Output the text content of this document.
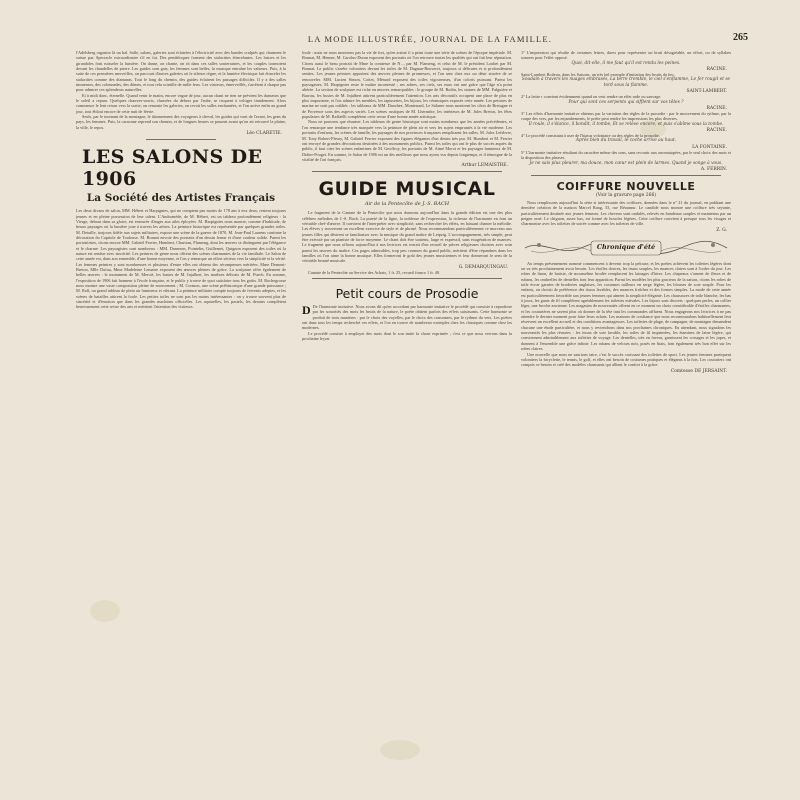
LA MODE ILLUSTRÉE, JOURNAL DE LA FAMILLE.	265

l'Adelsberg organise là un bal. Salle, salons, galeries sont éclairées à l'électricité avec des bandes sculptés qui charment le suisse par. Spectacle extraordinaire s'il en fut. Des pendeloques forment des stalactites étincelantes. Les lustres et les girandoles font ruisseler la lumière. On danse, on chante, on rit dans ces salles souterraines, et les couples tournoient devant les chandelles de pierre. Les guides sont gais, les femmes sont belles, la musique entraîne les valseurs. Puis, à la suite de ces premières merveilles, on parcourt d'autres galeries où le silence règne, et la lumière électrique fait étinceler les stalactites comme des diamants. Tout le long du chemin, des guides éclairent les passages difficiles. Il y a des salles immenses, des colonnades, des dômes, et tout cela scintille de mille feux. Les visiteurs, émerveillés, s'arrêtent à chaque pas pour admirer ces splendeurs naturelles.

Et à midi donc, éternelle. Quand venir le matin, encore vague de jour, aucun chant ne rien ne prévient les danseurs que le soleil a reparu. Quelques chauves-souris, chassées du dehors par l'aube, se risquent à voltiger timidement. Alors commence le lent retour vers la sortie; on remonte les galeries, on revoit les salles enchantées, et l'on arrive enfin au grand jour, tout ébloui encore de cette nuit de féerie.

Seuls, par le tournant de la montagne, le tâtonnement des voyageurs à cheval, les guides qui vont de l'avant, les gens du pays, les femmes. Puis, la caravane reprend son chemin, et de longues heures se passent avant qu'on ait retrouvé la plaine, la ville, le repos.

Léo CLARETIE.
LES SALONS DE 1906
La Société des Artistes Français

Les deux divans de salon, MM. Hébert et Harpignies, qui ne comptent pas moins de 178 ans à eux deux, restent toujours jeunes et en pleine possession de leur talent. L'Andromède, de M. Hébert, est un tableau profondément religieux : la Vierge, debout dans sa gloire, est entourée d'anges aux ailes éployées. M. Harpignies nous montre, comme d'habitude, de beaux paysages où la lumière joue à travers les arbres. La peinture historique est représentée par quelques grandes toiles. M. Detaille, toujours fidèle aux sujets militaires, expose une scène de la guerre de 1870. M. Jean-Paul Laurens continue la décoration du Capitole de Toulouse. M. Bonnat envoie des portraits d'un dessin ferme et d'une couleur solide. Parmi les portraitistes, citons encore MM. Gabriel Ferrier, Humbert, Chartran, Flameng, dont les œuvres se distinguent par l'élégance et le charme. Les paysagistes sont nombreux : MM. Dameron, Pointelin, Guillemet, Quignon exposent des toiles où la nature est rendue avec sincérité. Les peintres de genre nous offrent des scènes charmantes de la vie familiale. Le Salon de cette année est, dans son ensemble, d'une bonne moyenne, et l'on y remarque un effort sérieux vers la simplicité et la vérité. Les femmes peintres y sont nombreuses et plusieurs d'entre elles ont obtenu des récompenses méritées. Mme Demont-Breton, Mlle Dufau, Mme Madeleine Lemaire exposent des œuvres pleines de grâce. La sculpture offre également de belles œuvres : le monument de M. Mercié, les bustes de M. Injalbert, les marbres délicats de M. Puech. En somme, l'exposition de 1906 fait honneur à l'école française, et le public y trouve de quoi satisfaire tous les goûts. M. Rochegrosse nous montre une vaste composition pleine de mouvement ; M. Cormon, une scène préhistorique d'une grande puissance ; M. Roll, un grand tableau de plein air lumineux et vibrant. La peinture militaire compte toujours de fervents adeptes, et les scènes de batailles attirent la foule. Les petites toiles ne sont pas les moins intéressantes : on y trouve souvent plus de sincérité et d'émotion que dans les grandes machines officielles. Les aquarelles, les pastels, les dessins complètent heureusement cette revue des arts et méritent l'attention des visiteurs.

foule : mais ne nous montrons pas la vie de fort, qu'en artiste il a peint toute une série de scènes de l'époque impériale. M. Bonnat, M. Henner, M. Carolus-Duran exposent des portraits où l'on retrouve toutes les qualités qui ont fait leur réputation. Citons aussi le beau portrait de Mme la comtesse de N..., par M. Flameng, et celui de M. le président Loubet par M. Bonnat. Le public s'arrête volontiers devant les toiles de M. Dagnan-Bouveret, toujours si délicates et si profondément senties. Les jeunes peintres apportent des œuvres pleines de promesses, et l'on sent chez eux un désir sincère de se renouveler. MM. Lucien Simon, Cottet, Ménard exposent des toiles vigoureuses, d'un coloris puissant. Parmi les paysagistes, M. Harpignies reste le maître incontesté ; ses arbres, ses ciels, ses eaux ont une grâce que l'âge n'a point altérée. La section de sculpture est riche en œuvres remarquables : le groupe de M. Rodin, les statues de MM. Falguière et Barrias, les bustes de M. Injalbert attirent particulièrement l'attention. Les arts décoratifs occupent une place de plus en plus importante, et l'on admire les meubles, les tapisseries, les bijoux, les céramiques exposés cette année. Les peintres de marine ne sont pas oubliés : les tableaux de MM. Dauchez, Montenard, Le Sidaner nous montrent les côtes de Bretagne et de Provence sous des aspects variés. Les scènes rustiques de M. Lhermitte, les intérieurs de M. Jules Breton, les fêtes populaires de M. Raffaëlli complètent cette revue d'une bonne année artistique.

Nous ne pouvons que résumer. Les tableaux de genre historique sont moins nombreux que les années précédentes, et l'on remarque une tendance très marquée vers la peinture de plein air et vers les sujets empruntés à la vie moderne. Les portraits d'enfants, les scènes de famille, les paysages de nos provinces françaises remplissent les salles. M. Jules Lefebvre, M. Tony Robert-Fleury, M. Gabriel Ferrier exposent des figures élégantes d'un dessin très pur. M. Humbert et M. Ferrier ont envoyé de grandes décorations destinées à des monuments publics. Parmi les toiles qui ont le plus de succès auprès du public, il faut citer les scènes enfantines de M. Geoffroy, les portraits de M. Aimé Morot et les paysages lumineux de M. Didier-Pouget. En somme, le Salon de 1906 est un des meilleurs que nous ayons vus depuis longtemps, et il témoigne de la vitalité de l'art français.

Arthur LEMAISTRE.
GUIDE MUSICAL
Air de la Pentecôte de J.-S. BACH

Le fragment de la Cantate de la Pentecôte que nous donnons aujourd'hui dans la grande édition est une des plus célèbres mélodies de J.-S. Bach. La pureté de la ligne, la noblesse de l'expression, la richesse de l'harmonie en font un véritable chef-d'œuvre. Il convient de l'interpréter avec simplicité, sans rechercher les effets, en laissant chanter la mélodie. Les élèves y trouveront un excellent exercice de style et de phrasé. Nous recommandons particulièrement ce morceau aux jeunes filles qui désirent se familiariser avec la musique du grand maître de Leipzig. L'accompagnement, très simple, peut être exécuté par un pianiste de force moyenne. Le chant doit être soutenu, large et expressif, sans exagération de nuances. Le fragment que nous offrons aujourd'hui à nos lectrices est extrait d'un recueil de pièces religieuses choisies avec soin parmi les œuvres du maître. Ces pages admirables, trop peu connues du grand public, méritent d'être répandues dans les familles où l'on aime la bonne musique. Elles formeront le goût des jeunes musiciennes et leur donneront le sens de la véritable beauté musicale.

G. DEMARQUINGAU.

Cantate de la Pentecôte au Service des Achats, 1 fr. 25, recueil franco 1 fr. 40.

Petit cours de Prosodie

D De l'harmonie imitative. Nous avons dit qu'en accordant par harmonie imitative le procédé qui consiste à reproduire par les sonorités des mots les bruits de la nature, le poète obtient parfois des effets saisissants. Cette harmonie se produit de trois manières : par le choix des voyelles, par le choix des consonnes, par le rythme du vers. Les poètes ont dans tous les temps recherché ces effets, et l'on en trouve de nombreux exemples chez les classiques comme chez les modernes.

Le procédé consiste à employer des mots dont le son imite la chose exprimée ; c'est ce que nous verrons dans la prochaine leçon.

1° L'impression qui résulte de certaines lettres, dures pour représenter un bruit désagréable, un effort, ou de syllabes sonores pour l'effet opposé.

Quoi, dit-elle, il me faut qu'il est rendu les peines.

RACINE.

Saint-Lambert Boileau, dans les Saisons, un très bel exemple d'imitation des bruits du feu.

Soudain à travers les nuages embrasés, La terre tremble, le ciel s'enflamme, Le fer rougit et se tord sous la flamme.

SAINT-LAMBERT.

2° La lettre r convient évidemment quand on veut rendre un effet rude ou sauvage.

Pour qui sont ces serpents qui sifflent sur vos têtes ?

RACINE.

3° Les effets d'harmonie imitative obtenus par la variation des règles de la prosodie : par le mouvement du rythme, par la coupe des vers, par les enjambements, le poète peut rendre les impressions les plus diverses.

Il roule, il s'élance, il bondit, il tombe, Et se relève encore, et puis s'abîme sous la tombe.

RACINE.

4° Le procédé consistant à user de l'hiatus volontaire ou des règles de la prosodie.

Après bien du travail, le coche arrive au haut.

LA FONTAINE.

5° L'harmonie imitative résultant du caractère même des sons, sans recourir aux onomatopées, par le seul choix des mots et la disposition des phrases.

Je ne sais plus pleurer, ma douce, mon cœur est plein de larmes. Quand je songe à vous.

A. FERRIN.
COIFFURE NOUVELLE
(Voir la gravure page 266)

Nous remplissons aujourd'hui la série si intéressante des coiffures, données dans le n° 21 du journal, en publiant une dernière création de la maison Marcel Rang, 33, rue Réaumur. Le candide nous montre une coiffure très seyante, particulièrement destinée aux jeunes femmes. Les cheveux sont ondulés, relevés en bandeaux souples et maintenus par un peigne orné. Le chignon, assez bas, est formé de boucles légères. Cette coiffure convient à presque tous les visages et s'harmonise avec les toilettes de soirée comme avec les toilettes de ville.

Z. G.
Chronique d'été

Au temps présentement nommé commencent à devenir trop la pelouse, et les poètes achèvent les toilettes légères dont on va très prochainement avoir besoin. Les étoffes douces, les tissus souples, les nuances claires sont à l'ordre du jour. Les robes de linon, de batiste, de mousseline brodée remplacent les lainages d'hiver. Les chapeaux s'ornent de fleurs et de rubans, les ombrelles de dentelles font leur apparition. Parmi les modèles les plus gracieux de la saison, citons les robes de toile écrue garnies de broderies anglaises, les costumes tailleurs en serge légère, les blouses de soie souple. Pour les enfants, on choisit de préférence des tissus lavables, des nuances fraîches et des formes simples. La mode de cette année est particulièrement favorable aux jeunes femmes qui aiment la simplicité élégante. Les chaussures de toile blanche, les bas à jours, les gants de fil complètent agréablement les toilettes estivales. Les bijoux sont discrets : quelques perles, un collier léger, une broche ancienne. Les magasins de nouveautés offrent en ce moment un choix considérable d'étoffes charmantes, et les couturières ne savent plus où donner de la tête tant les commandes affluent. Nous engageons nos lectrices à ne pas attendre le dernier moment pour faire leurs achats. Les maisons de confiance que nous recommandons habituellement leur réservent un excellent accueil et des conditions avantageuses. Les toilettes de plage, de campagne, de montagne demandent chacune une étude particulière, et nous y reviendrons dans nos prochaines chroniques. En attendant, nous signalons les nouveautés les plus réussies : les tissus de soie lavable, les toiles de fil imprimées, les étamines de laine légère, qui conviennent admirablement aux toilettes de voyage. Les dentelles, très en faveur, garnissent les corsages et les jupes, et donnent à l'ensemble une grâce infinie. Les rubans de velours noir, posés en biais, font également très bon effet sur les robes claires.

Une nouvelle que nous ne saurions taire, c'est le succès croissant des toilettes de sport. Les jeunes femmes pratiquent volontiers la bicyclette, le tennis, le golf, et elles ont besoin de costumes pratiques et élégants à la fois. Les couturiers ont compris ce besoin et créé des modèles charmants qui allient le confort à la grâce.

Comtesse DE JERSAINT.
